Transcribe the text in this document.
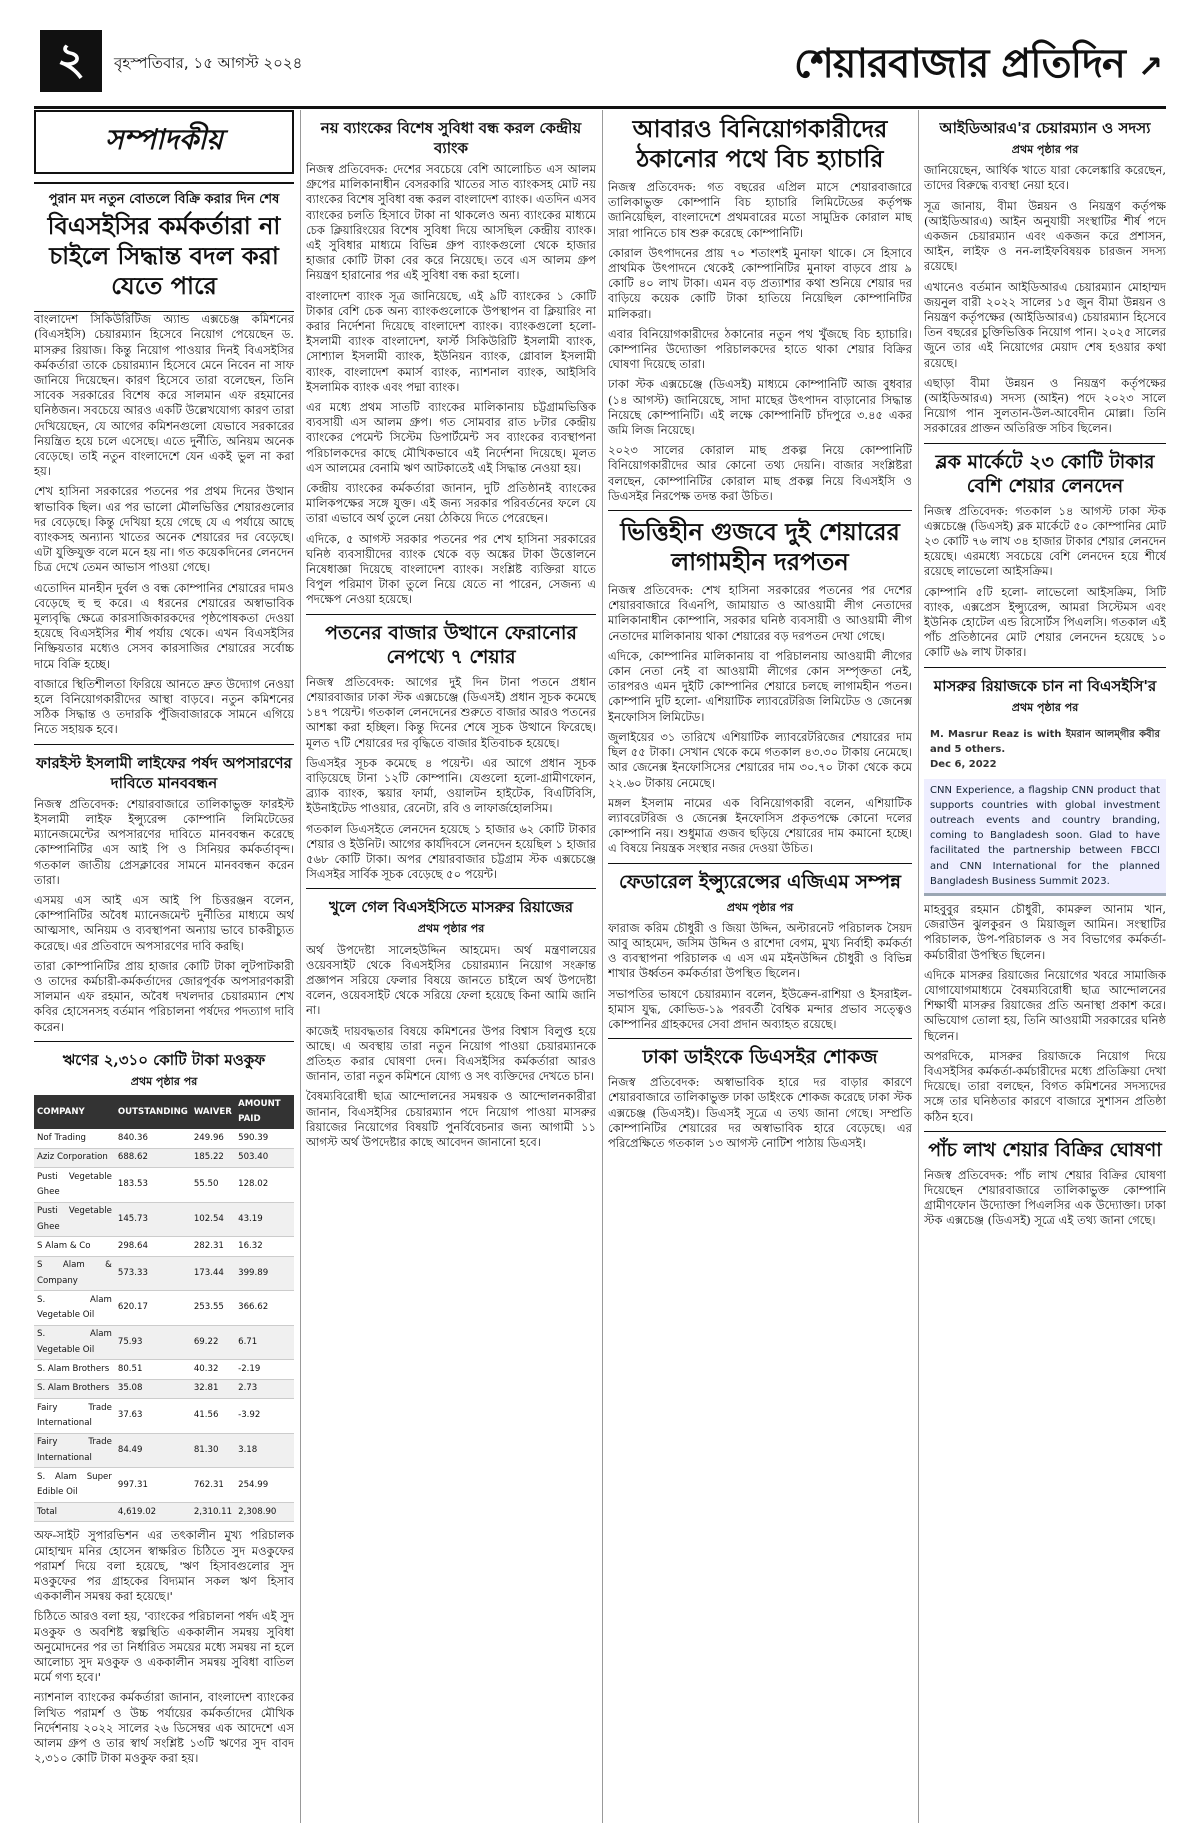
২	বৃহস্পতিবার, ১৫ আগস্ট ২০২৪	শেয়ারবাজার প্রতিদিন ↗
সম্পাদকীয়
পুরান মদ নতুন বোতলে বিক্রি করার দিন শেষ
বিএসইসির কর্মকর্তারা না চাইলে সিদ্ধান্ত বদল করা যেতে পারে

বাংলাদেশ সিকিউরিটিজ অ্যান্ড এক্সচেঞ্জ কমিশনের (বিএসইসি) চেয়ারম্যান হিসেবে নিয়োগ পেয়েছেন ড. মাসরুর রিয়াজ। কিন্তু নিয়োগ পাওয়ার দিনই বিএসইসির কর্মকর্তারা তাকে চেয়ারম্যান হিসেবে মেনে নিবেন না সাফ জানিয়ে দিয়েছেন। কারণ হিসেবে তারা বলেছেন, তিনি সাবেক সরকারের বিশেষ করে সালমান এফ রহমানের ঘনিষ্ঠজন। সবচেয়ে আরও একটি উল্লেখযোগ্য কারণ তারা দেখিয়েছেন, যে আগের কমিশনগুলো যেভাবে সরকারের নিয়ন্ত্রিত হয়ে চলে এসেছে। এতে দুর্নীতি, অনিয়ম অনেক বেড়েছে। তাই নতুন বাংলাদেশে যেন একই ভুল না করা হয়।

শেখ হাসিনা সরকারের পতনের পর প্রথম দিনের উত্থান স্বাভাবিক ছিল। এর পর ভালো মৌলভিত্তির শেয়ারগুলোর দর বেড়েছে। কিন্তু দেখিয়া হয়ে গেছে যে এ পর্যায়ে আছে ব্যাংকসহ অন্যান্য খাতের অনেক শেয়ারের দর বেড়েছে। এটা যুক্তিযুক্ত বলে মনে হয় না। গত কয়েকদিনের লেনদেন চিত্র দেখে তেমন আভাস পাওয়া গেছে।

এতোদিন মানহীন দুর্বল ও বন্ধ কোম্পানির শেয়ারের দামও বেড়েছে হু হু করে। এ ধরনের শেয়ারের অস্বাভাবিক মূল্যবৃদ্ধি ক্ষেত্রে কারসাজিকারকদের পৃষ্ঠপোষকতা দেওয়া হয়েছে বিএসইসির শীর্ষ পর্যায় থেকে। এখন বিএসইসির নিষ্ক্রিয়তার মধ্যেও সেসব কারসাজির শেয়ারের সর্বোচ্চ দামে বিক্রি হচ্ছে।

বাজারে স্থিতিশীলতা ফিরিয়ে আনতে দ্রুত উদ্যোগ নেওয়া হলে বিনিয়োগকারীদের আস্থা বাড়বে। নতুন কমিশনের সঠিক সিদ্ধান্ত ও তদারকি পুঁজিবাজারকে সামনে এগিয়ে নিতে সহায়ক হবে।

ফারইস্ট ইসলামী লাইফের পর্ষদ অপসারণের দাবিতে মানববন্ধন

নিজস্ব প্রতিবেদক: শেয়ারবাজারে তালিকাভুক্ত ফারইস্ট ইসলামী লাইফ ইন্স্যুরেন্স কোম্পানি লিমিটেডের ম্যানেজমেন্টের অপসারণের দাবিতে মানববন্ধন করেছে কোম্পানিটির এস আই পি ও সিনিয়র কর্মকর্তাবৃন্দ। গতকাল জাতীয় প্রেসক্লাবের সামনে মানববন্ধন করেন তারা।

এসময় এস আই এস আই পি চিত্তরঞ্জন বলেন, কোম্পানিটির অবৈধ ম্যানেজমেন্ট দুর্নীতির মাধ্যমে অর্থ আত্মসাৎ, অনিয়ম ও ব্যবস্থাপনা অন্যায় ভাবে চাকরীচ্যুত করেছে। এর প্রতিবাদে অপসারণের দাবি করছি।

তারা কোম্পানিটির প্রায় হাজার কোটি টাকা লুটপাটকারী ও তাদের কর্মচারী-কর্মকর্তাদের জোরপূর্বক অপসারণকারী সালমান এফ রহমান, অবৈধ দখলদার চেয়ারম্যান শেখ কবির হোসেনসহ বর্তমান পরিচালনা পর্ষদের পদত্যাগ দাবি করেন।

ঋণের ২,৩১০ কোটি টাকা মওকুফ
প্রথম পৃষ্ঠার পর
COMPANY	OUTSTANDING	WAIVER	AMOUNT PAID
Nof Trading	840.36	249.96	590.39
Aziz Corporation	688.62	185.22	503.40
Pusti Vegetable Ghee	183.53	55.50	128.02
Pusti Vegetable Ghee	145.73	102.54	43.19
S Alam & Co	298.64	282.31	16.32
S Alam & Company	573.33	173.44	399.89
S. Alam Vegetable Oil	620.17	253.55	366.62
S. Alam Vegetable Oil	75.93	69.22	6.71
S. Alam Brothers	80.51	40.32	-2.19
S. Alam Brothers	35.08	32.81	2.73
Fairy Trade International	37.63	41.56	-3.92
Fairy Trade International	84.49	81.30	3.18
S. Alam Super Edible Oil	997.31	762.31	254.99
Total	4,619.02	2,310.11	2,308.90

অফ-সাইট সুপারভিশন এর তৎকালীন মুখ্য পরিচালক মোহাম্মদ মনির হোসেন স্বাক্ষরিত চিঠিতে সুদ মওকুফের পরামর্শ দিয়ে বলা হয়েছে, 'ঋণ হিসাবগুলোর সুদ মওকুফের পর গ্রাহকের বিদ্যমান সকল ঋণ হিসাব এককালীন সমন্বয় করা হয়েছে।'

চিঠিতে আরও বলা হয়, 'ব্যাংকের পরিচালনা পর্ষদ এই সুদ মওকুফ ও অবশিষ্ট স্বল্পস্থিতি এককালীন সমন্বয় সুবিধা অনুমোদনের পর তা নির্ধারিত সময়ের মধ্যে সমন্বয় না হলে আলোচ্য সুদ মওকুফ ও এককালীন সমন্বয় সুবিধা বাতিল মর্মে গণ্য হবে।'

ন্যাশনাল ব্যাংকের কর্মকর্তারা জানান, বাংলাদেশ ব্যাংকের লিখিত পরামর্শ ও উচ্চ পর্যায়ের কর্মকর্তাদের মৌখিক নির্দেশনায় ২০২২ সালের ২৬ ডিসেম্বর এক আদেশে এস আলম গ্রুপ ও তার স্বার্থ সংশ্লিষ্ট ১৩টি ঋণের সুদ বাবদ ২,৩১০ কোটি টাকা মওকুফ করা হয়।

নয় ব্যাংকের বিশেষ সুবিধা বন্ধ করল কেন্দ্রীয় ব্যাংক

নিজস্ব প্রতিবেদক: দেশের সবচেয়ে বেশি আলোচিত এস আলম গ্রুপের মালিকানাধীন বেসরকারি খাতের সাত ব্যাংকসহ মোট নয় ব্যাংকের বিশেষ সুবিধা বন্ধ করল বাংলাদেশ ব্যাংক। এতদিন এসব ব্যাংকের চলতি হিসাবে টাকা না থাকলেও অন্য ব্যাংকের মাধ্যমে চেক ক্লিয়ারিংয়ের বিশেষ সুবিধা দিয়ে আসছিল কেন্দ্রীয় ব্যাংক। এই সুবিধার মাধ্যমে বিভিন্ন গ্রুপ ব্যাংকগুলো থেকে হাজার হাজার কোটি টাকা বের করে নিয়েছে। তবে এস আলম গ্রুপ নিয়ন্ত্রণ হারানোর পর এই সুবিধা বন্ধ করা হলো।

বাংলাদেশ ব্যাংক সূত্র জানিয়েছে, এই ৯টি ব্যাংকের ১ কোটি টাকার বেশি চেক অন্য ব্যাংকগুলোকে উপস্থাপন বা ক্লিয়ারিং না করার নির্দেশনা দিয়েছে বাংলাদেশ ব্যাংক। ব্যাংকগুলো হলো- ইসলামী ব্যাংক বাংলাদেশ, ফার্স্ট সিকিউরিটি ইসলামী ব্যাংক, সোশ্যাল ইসলামী ব্যাংক, ইউনিয়ন ব্যাংক, গ্লোবাল ইসলামী ব্যাংক, বাংলাদেশ কমার্স ব্যাংক, ন্যাশনাল ব্যাংক, আইসিবি ইসলামিক ব্যাংক এবং পদ্মা ব্যাংক।

এর মধ্যে প্রথম সাতটি ব্যাংকের মালিকানায় চট্টগ্রামভিত্তিক ব্যবসায়ী এস আলম গ্রুপ। গত সোমবার রাত ৮টার কেন্দ্রীয় ব্যাংকের পেমেন্ট সিস্টেম ডিপার্টমেন্ট সব ব্যাংকের ব্যবস্থাপনা পরিচালকদের কাছে মৌখিকভাবে এই নির্দেশনা দিয়েছে। মূলত এস আলমের বেনামি ঋণ আটকাতেই এই সিদ্ধান্ত নেওয়া হয়।

কেন্দ্রীয় ব্যাংকের কর্মকর্তারা জানান, দুটি প্রতিষ্ঠানই ব্যাংকের মালিকপক্ষের সঙ্গে যুক্ত। এই জন্য সরকার পরিবর্তনের ফলে যে তারা এভাবে অর্থ তুলে নেয়া ঠেকিয়ে দিতে পেরেছেন।

এদিকে, ৫ আগস্ট সরকার পতনের পর শেখ হাসিনা সরকারের ঘনিষ্ঠ ব্যবসায়ীদের ব্যাংক থেকে বড় অঙ্কের টাকা উত্তোলনে নিষেধাজ্ঞা দিয়েছে বাংলাদেশ ব্যাংক। সংশ্লিষ্ট ব্যক্তিরা যাতে বিপুল পরিমাণ টাকা তুলে নিয়ে যেতে না পারেন, সেজন্য এ পদক্ষেপ নেওয়া হয়েছে।

পতনের বাজার উত্থানে ফেরানোর নেপথ্যে ৭ শেয়ার

নিজস্ব প্রতিবেদক: আগের দুই দিন টানা পতনে প্রধান শেয়ারবাজার ঢাকা স্টক এক্সচেঞ্জে (ডিএসই) প্রধান সূচক কমেছে ১৪৭ পয়েন্ট। গতকাল লেনদেনের শুরুতে বাজার আরও পতনের আশঙ্কা করা হচ্ছিল। কিন্তু দিনের শেষে সূচক উত্থানে ফিরেছে। মূলত ৭টি শেয়ারের দর বৃদ্ধিতে বাজার ইতিবাচক হয়েছে।

ডিএসইর সূচক কমেছে ৪ পয়েন্ট। এর আগে প্রধান সূচক বাড়িয়েছে টানা ১২টি কোম্পানি। যেগুলো হলো-গ্রামীণফোন, ব্র্যাক ব্যাংক, স্কয়ার ফার্মা, ওয়ালটন হাইটেক, বিএটিবিসি, ইউনাইটেড পাওয়ার, রেনেটা, রবি ও লাফার্জহোলসিম।

গতকাল ডিএসইতে লেনদেন হয়েছে ১ হাজার ৬২ কোটি টাকার শেয়ার ও ইউনিট। আগের কার্যদিবসে লেনদেন হয়েছিল ১ হাজার ৫৬৮ কোটি টাকা। অপর শেয়ারবাজার চট্টগ্রাম স্টক এক্সচেঞ্জে সিএসইর সার্বিক সূচক বেড়েছে ৫০ পয়েন্ট।

খুলে গেল বিএসইসিতে মাসরুর রিয়াজের
প্রথম পৃষ্ঠার পর

অর্থ উপদেষ্টা সালেহউদ্দিন আহমেদ। অর্থ মন্ত্রণালয়ের ওয়েবসাইট থেকে বিএসইসির চেয়ারম্যান নিয়োগ সংক্রান্ত প্রজ্ঞাপন সরিয়ে ফেলার বিষয়ে জানতে চাইলে অর্থ উপদেষ্টা বলেন, ওয়েবসাইট থেকে সরিয়ে ফেলা হয়েছে কিনা আমি জানি না।

কাজেই দায়বদ্ধতার বিষয়ে কমিশনের উপর বিশ্বাস বিলুপ্ত হয়ে আছে। এ অবস্থায় তারা নতুন নিয়োগ পাওয়া চেয়ারম্যানকে প্রতিহত করার ঘোষণা দেন। বিএসইসির কর্মকর্তারা আরও জানান, তারা নতুন কমিশনে যোগ্য ও সৎ ব্যক্তিদের দেখতে চান।

বৈষম্যবিরোধী ছাত্র আন্দোলনের সমন্বয়ক ও আন্দোলনকারীরা জানান, বিএসইসির চেয়ারম্যান পদে নিয়োগ পাওয়া মাসরুর রিয়াজের নিয়োগের বিষয়টি পুনর্বিবেচনার জন্য আগামী ১১ আগস্ট অর্থ উপদেষ্টার কাছে আবেদন জানানো হবে।

আবারও বিনিয়োগকারীদের ঠকানোর পথে বিচ হ্যাচারি

নিজস্ব প্রতিবেদক: গত বছরের এপ্রিল মাসে শেয়ারবাজারে তালিকাভুক্ত কোম্পানি বিচ হ্যাচারি লিমিটেডের কর্তৃপক্ষ জানিয়েছিল, বাংলাদেশে প্রথমবারের মতো সামুদ্রিক কোরাল মাছ সারা পানিতে চাষ শুরু করেছে কোম্পানিটি।

কোরাল উৎপাদনের প্রায় ৭০ শতাংশই মুনাফা থাকে। সে হিসাবে প্রাথমিক উৎপাদনে থেকেই কোম্পানিটির মুনাফা বাড়বে প্রায় ৯ কোটি ৪০ লাখ টাকা। এমন বড় প্রত্যাশার কথা শুনিয়ে শেয়ার দর বাড়িয়ে কয়েক কোটি টাকা হাতিয়ে নিয়েছিল কোম্পানিটির মালিকরা।

এবার বিনিয়োগকারীদের ঠকানোর নতুন পথ খুঁজছে বিচ হ্যাচারি। কোম্পানির উদ্যোক্তা পরিচালকদের হাতে থাকা শেয়ার বিক্রির ঘোষণা দিয়েছে তারা।

ঢাকা স্টক এক্সচেঞ্জে (ডিএসই) মাধ্যমে কোম্পানিটি আজ বুধবার (১৪ আগস্ট) জানিয়েছে, সাদা মাছের উৎপাদন বাড়ানোর সিদ্ধান্ত নিয়েছে কোম্পানিটি। এই লক্ষে কোম্পানিটি চাঁদপুরে ৩.৪৫ একর জমি লিজ নিয়েছে।

২০২৩ সালের কোরাল মাছ প্রকল্প নিয়ে কোম্পানিটি বিনিয়োগকারীদের আর কোনো তথ্য দেয়নি। বাজার সংশ্লিষ্টরা বলছেন, কোম্পানিটির কোরাল মাছ প্রকল্প নিয়ে বিএসইসি ও ডিএসইর নিরপেক্ষ তদন্ত করা উচিত।

ভিত্তিহীন গুজবে দুই শেয়ারের লাগামহীন দরপতন

নিজস্ব প্রতিবেদক: শেখ হাসিনা সরকারের পতনের পর দেশের শেয়ারবাজারে বিএনপি, জামায়াত ও আওয়ামী লীগ নেতাদের মালিকানাধীন কোম্পানি, সরকার ঘনিষ্ঠ ব্যবসায়ী ও আওয়ামী লীগ নেতাদের মালিকানায় থাকা শেয়ারের বড় দরপতন দেখা গেছে।

এদিকে, কোম্পানির মালিকানায় বা পরিচালনায় আওয়ামী লীগের কোন নেতা নেই বা আওয়ামী লীগের কোন সম্পৃক্ততা নেই, তারপরও এমন দুইটি কোম্পানির শেয়ারে চলছে লাগামহীন পতন। কোম্পানি দুটি হলো- এশিয়াটিক ল্যাবরেটরিজ লিমিটেড ও জেনেক্স ইনফোসিস লিমিটেড।

জুলাইয়ের ৩১ তারিখে এশিয়াটিক ল্যাবরেটরিজের শেয়ারের দাম ছিল ৫৫ টাকা। সেখান থেকে কমে গতকাল ৪৩.৩০ টাকায় নেমেছে। আর জেনেক্স ইনফোসিসের শেয়ারের দাম ৩০.৭০ টাকা থেকে কমে ২২.৬০ টাকায় নেমেছে।

মঙ্গল ইসলাম নামের এক বিনিয়োগকারী বলেন, এশিয়াটিক ল্যাবরেটরিজ ও জেনেক্স ইনফোসিস প্রকৃতপক্ষে কোনো দলের কোম্পানি নয়। শুধুমাত্র গুজব ছড়িয়ে শেয়ারের দাম কমানো হচ্ছে। এ বিষয়ে নিয়ন্ত্রক সংস্থার নজর দেওয়া উচিত।

ফেডারেল ইন্স্যুরেন্সের এজিএম সম্পন্ন
প্রথম পৃষ্ঠার পর

ফারাজ করিম চৌধুরী ও জিয়া উদ্দিন, অল্টারনেট পরিচালক সৈয়দ আবু আহমেদ, জসিম উদ্দিন ও রাশেদা বেগম, মুখ্য নির্বাহী কর্মকর্তা ও ব্যবস্থাপনা পরিচালক এ এস এম মইনউদ্দিন চৌধুরী ও বিভিন্ন শাখার উর্ধ্বতন কর্মকর্তারা উপস্থিত ছিলেন।

সভাপতির ভাষণে চেয়ারম্যান বলেন, ইউক্রেন-রাশিয়া ও ইসরাইল-হামাস যুদ্ধ, কোভিড-১৯ পরবর্তী বৈশ্বিক মন্দার প্রভাব সত্ত্বেও কোম্পানির গ্রাহকদের সেবা প্রদান অব্যাহত রয়েছে।

ঢাকা ডাইংকে ডিএসইর শোকজ

নিজস্ব প্রতিবেদক: অস্বাভাবিক হারে দর বাড়ার কারণে শেয়ারবাজারে তালিকাভুক্ত ঢাকা ডাইংকে শোকজ করেছে ঢাকা স্টক এক্সচেঞ্জ (ডিএসই)। ডিএসই সূত্রে এ তথ্য জানা গেছে। সম্প্রতি কোম্পানিটির শেয়ারের দর অস্বাভাবিক হারে বেড়েছে। এর পরিপ্রেক্ষিতে গতকাল ১৩ আগস্ট নোটিশ পাঠায় ডিএসই।

আইডিআরএ'র চেয়ারম্যান ও সদস্য
প্রথম পৃষ্ঠার পর

জানিয়েছেন, আর্থিক খাতে যারা কেলেঙ্কারি করেছেন, তাদের বিরুদ্ধে ব্যবস্থা নেয়া হবে।

সূত্র জানায়, বীমা উন্নয়ন ও নিয়ন্ত্রণ কর্তৃপক্ষ (আইডিআরএ) আইন অনুযায়ী সংস্থাটির শীর্ষ পদে একজন চেয়ারম্যান এবং একজন করে প্রশাসন, আইন, লাইফ ও নন-লাইফবিষয়ক চারজন সদস্য রয়েছে।

এখানেও বর্তমান আইডিআরএ চেয়ারম্যান মোহাম্মদ জয়নুল বারী ২০২২ সালের ১৫ জুন বীমা উন্নয়ন ও নিয়ন্ত্রণ কর্তৃপক্ষের (আইডিআরএ) চেয়ারম্যান হিসেবে তিন বছরের চুক্তিভিত্তিক নিয়োগ পান। ২০২৫ সালের জুনে তার এই নিয়োগের মেয়াদ শেষ হওয়ার কথা রয়েছে।

এছাড়া বীমা উন্নয়ন ও নিয়ন্ত্রণ কর্তৃপক্ষের (আইডিআরএ) সদস্য (আইন) পদে ২০২৩ সালে নিয়োগ পান সুলতান-উল-আবেদীন মোল্লা। তিনি সরকারের প্রাক্তন অতিরিক্ত সচিব ছিলেন।

ব্লক মার্কেটে ২৩ কোটি টাকার বেশি শেয়ার লেনদেন

নিজস্ব প্রতিবেদক: গতকাল ১৪ আগস্ট ঢাকা স্টক এক্সচেঞ্জে (ডিএসই) ব্লক মার্কেটে ৫০ কোম্পানির মোট ২৩ কোটি ৭৬ লাখ ৩৪ হাজার টাকার শেয়ার লেনদেন হয়েছে। এরমধ্যে সবচেয়ে বেশি লেনদেন হয়ে শীর্ষে রয়েছে লাভেলো আইসক্রিম।

কোম্পানি ৫টি হলো- লাভেলো আইসক্রিম, সিটি ব্যাংক, এক্সপ্রেস ইন্স্যুরেন্স, আমরা সিস্টেমস এবং ইউনিক হোটেল এন্ড রিসোর্টস পিএলসি। গতকাল এই পাঁচ প্রতিষ্ঠানের মোট শেয়ার লেনদেন হয়েছে ১০ কোটি ৬৯ লাখ টাকার।

মাসরুর রিয়াজকে চান না বিএসইসি'র
প্রথম পৃষ্ঠার পর
M. Masrur Reaz is with ইমরান আলম্গীর কবীর and 5 others.
Dec 6, 2022
CNN Experience, a flagship CNN product that supports countries with global investment outreach events and country branding, coming to Bangladesh soon. Glad to have facilitated the partnership between FBCCI and CNN International for the planned Bangladesh Business Summit 2023.

মাহবুবুর রহমান চৌধুরী, কামরুল আনাম খান, জেরাউন ঝুলকুরন ও মিয়াজুল আমিন। সংস্থাটির পরিচালক, উপ-পরিচালক ও সব বিভাগের কর্মকর্তা-কর্মচারীরা উপস্থিত ছিলেন।

এদিকে মাসরুর রিয়াজের নিয়োগের খবরে সামাজিক যোগাযোগমাধ্যমে বৈষম্যবিরোধী ছাত্র আন্দোলনের শিক্ষার্থী মাসরুর রিয়াজের প্রতি অনাস্থা প্রকাশ করে। অভিযোগ তোলা হয়, তিনি আওয়ামী সরকারের ঘনিষ্ঠ ছিলেন।

অপরদিকে, মাসরুর রিয়াজকে নিয়োগ দিয়ে বিএসইসির কর্মকর্তা-কর্মচারীদের মধ্যে প্রতিক্রিয়া দেখা দিয়েছে। তারা বলছেন, বিগত কমিশনের সদস্যদের সঙ্গে তার ঘনিষ্ঠতার কারণে বাজারে সুশাসন প্রতিষ্ঠা কঠিন হবে।

পাঁচ লাখ শেয়ার বিক্রির ঘোষণা

নিজস্ব প্রতিবেদক: পাঁচ লাখ শেয়ার বিক্রির ঘোষণা দিয়েছেন শেয়ারবাজারে তালিকাভুক্ত কোম্পানি গ্রামীণফোন উদ্যোক্তা পিএলসির এক উদ্যোক্তা। ঢাকা স্টক এক্সচেঞ্জ (ডিএসই) সূত্রে এই তথ্য জানা গেছে।
